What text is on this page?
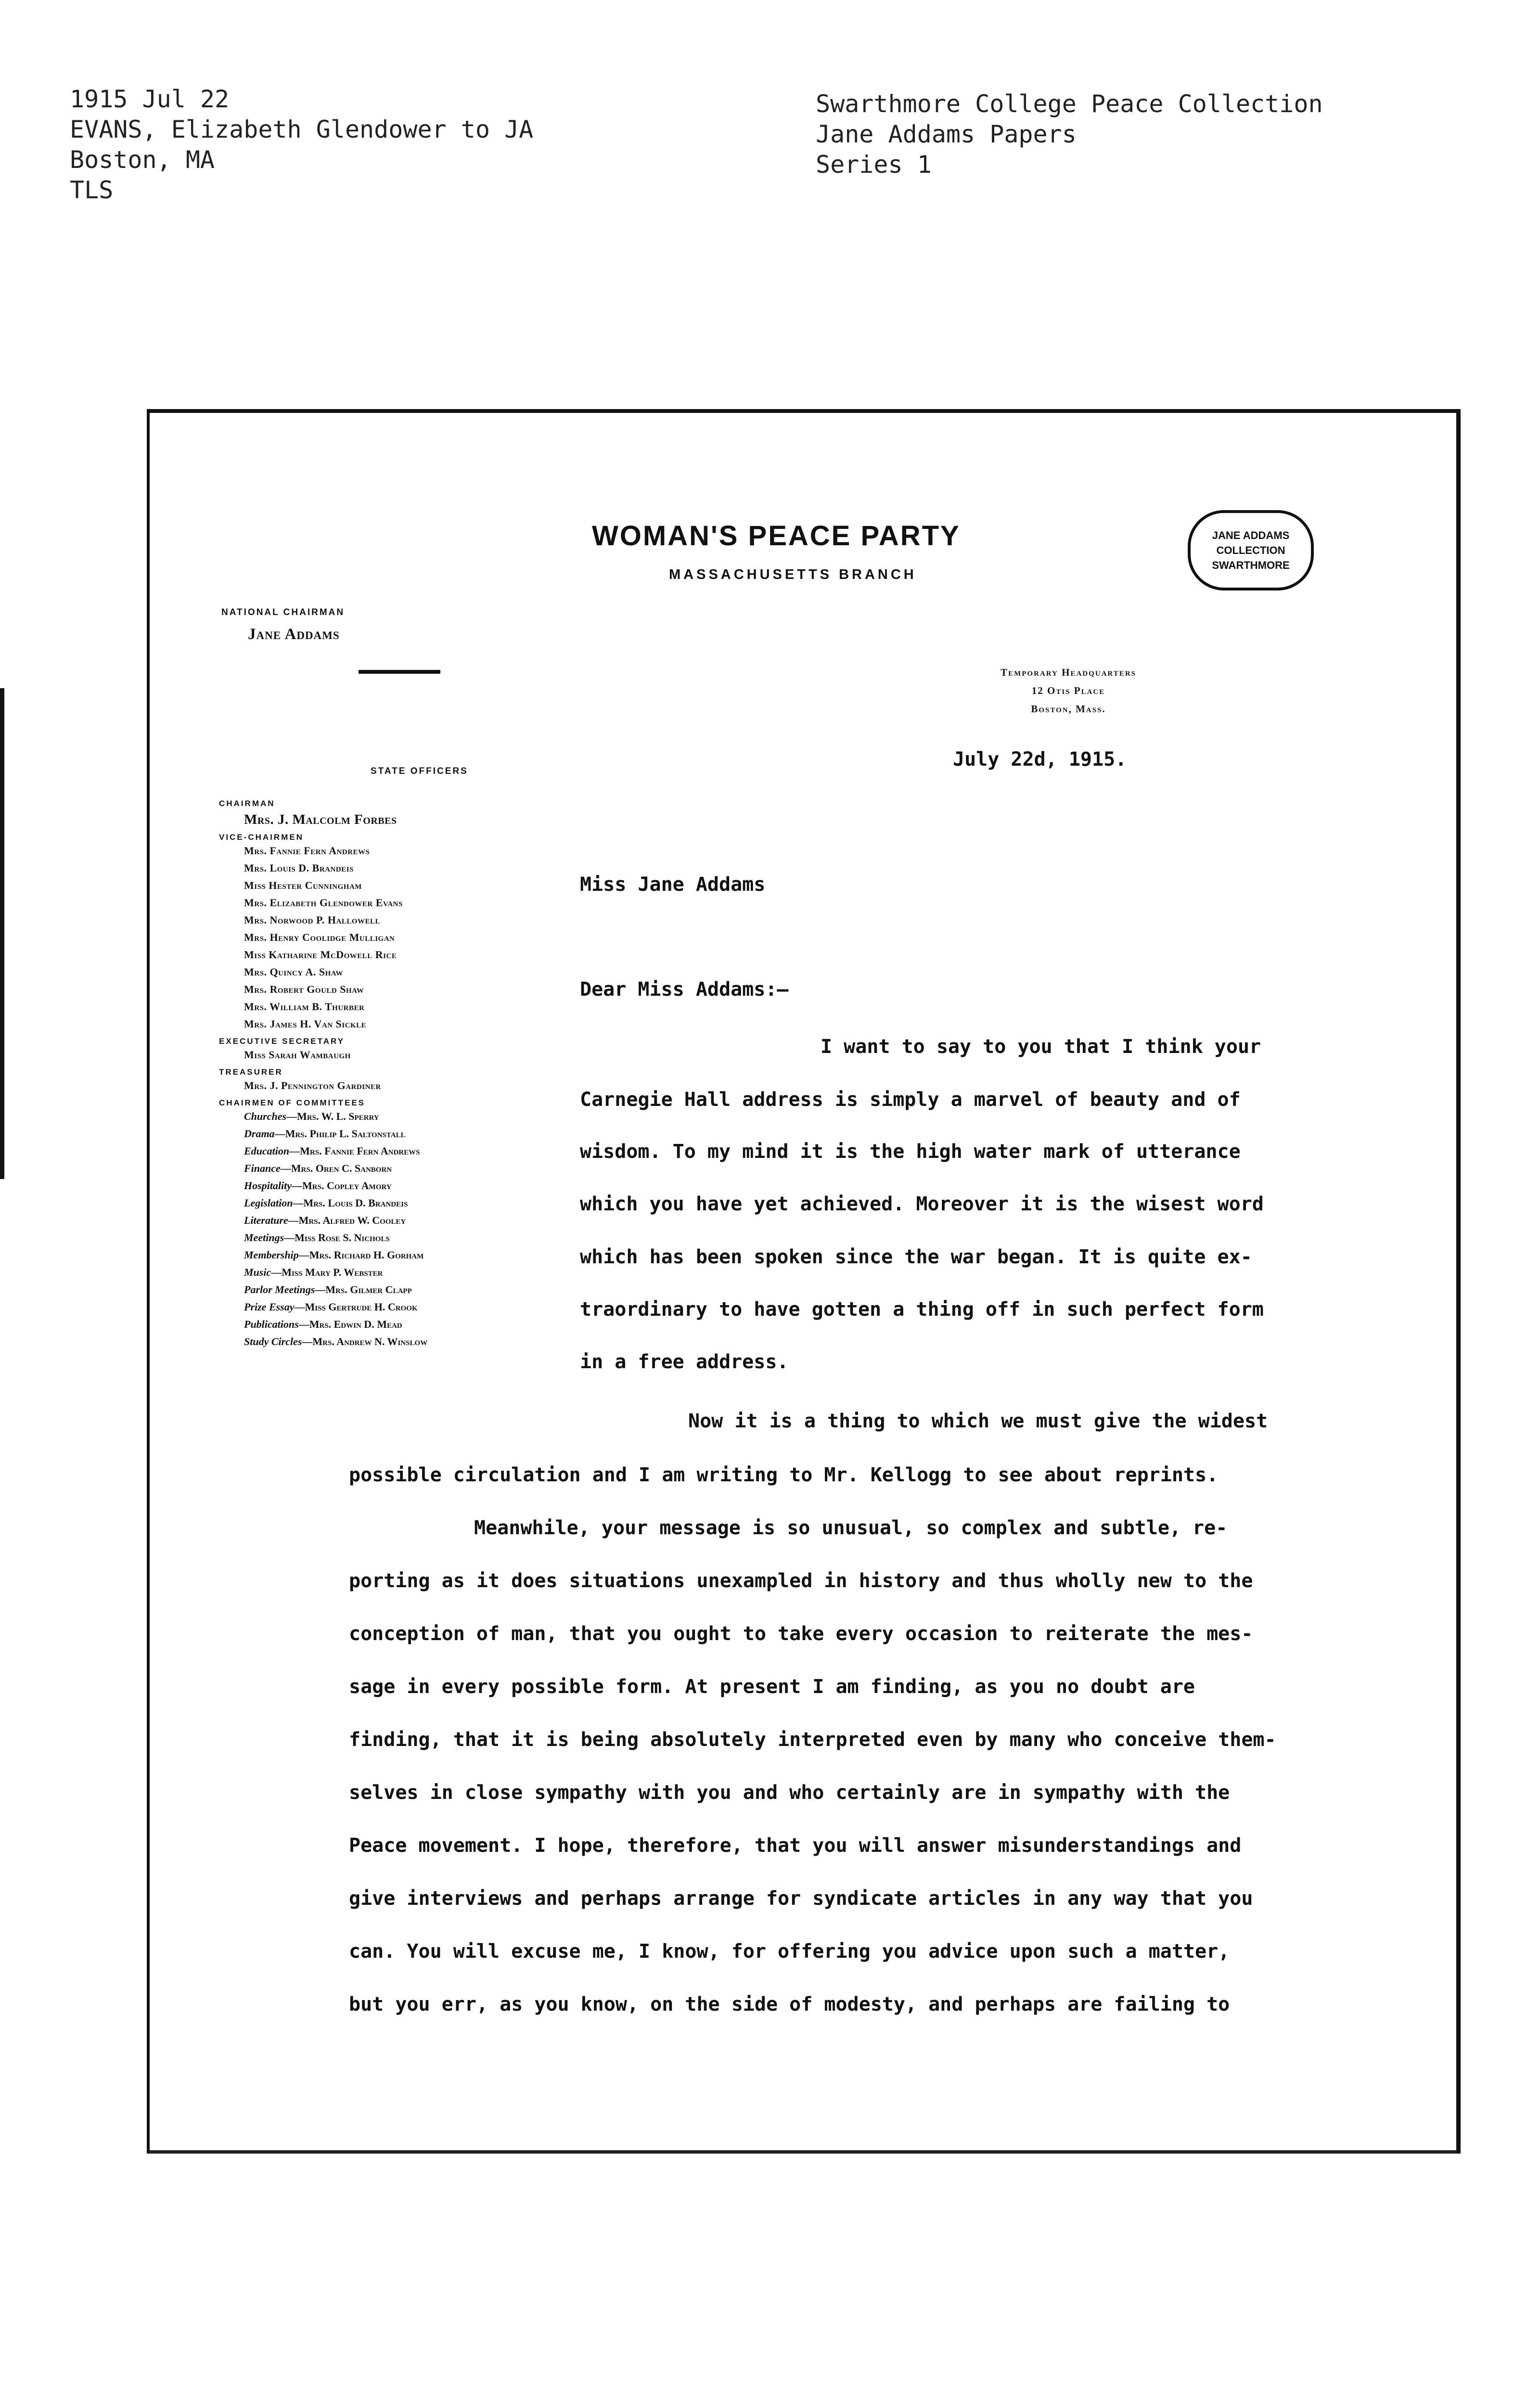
1915 Jul 22
EVANS, Elizabeth Glendower to JA
Boston, MA
TLS
Swarthmore College Peace Collection
Jane Addams Papers
Series 1
WOMAN'S PEACE PARTY
MASSACHUSETTS BRANCH
JANE ADDAMS
COLLECTION
SWARTHMORE
NATIONAL CHAIRMAN
Jane Addams
Temporary Headquarters
12 Otis Place
Boston, Mass.
STATE OFFICERS
CHAIRMAN
Mrs. J. Malcolm Forbes
VICE-CHAIRMEN
Mrs. Fannie Fern Andrews
Mrs. Louis D. Brandeis
Miss Hester Cunningham
Mrs. Elizabeth Glendower Evans
Mrs. Norwood P. Hallowell
Mrs. Henry Coolidge Mulligan
Miss Katharine McDowell Rice
Mrs. Quincy A. Shaw
Mrs. Robert Gould Shaw
Mrs. William B. Thurber
Mrs. James H. Van Sickle
EXECUTIVE SECRETARY
Miss Sarah Wambaugh
TREASURER
Mrs. J. Pennington Gardiner
CHAIRMEN OF COMMITTEES
Churches—Mrs. W. L. Sperry
Drama—Mrs. Philip L. Saltonstall
Education—Mrs. Fannie Fern Andrews
Finance—Mrs. Oren C. Sanborn
Hospitality—Mrs. Copley Amory
Legislation—Mrs. Louis D. Brandeis
Literature—Mrs. Alfred W. Cooley
Meetings—Miss Rose S. Nichols
Membership—Mrs. Richard H. Gorham
Music—Miss Mary P. Webster
Parlor Meetings—Mrs. Gilmer Clapp
Prize Essay—Miss Gertrude H. Crook
Publications—Mrs. Edwin D. Mead
Study Circles—Mrs. Andrew N. Winslow
July 22d, 1915.
Miss Jane Addams
Dear Miss Addams:—
I want to say to you that I think your
Carnegie Hall address is simply a marvel of beauty and of
wisdom. To my mind it is the high water mark of utterance
which you have yet achieved. Moreover it is the wisest word
which has been spoken since the war began. It is quite ex-
traordinary to have gotten a thing off in such perfect form
in a free address.
Now it is a thing to which we must give the widest
possible circulation and I am writing to Mr. Kellogg to see about reprints.
Meanwhile, your message is so unusual, so complex and subtle, re-
porting as it does situations unexampled in history and thus wholly new to the
conception of man, that you ought to take every occasion to reiterate the mes-
sage in every possible form. At present I am finding, as you no doubt are
finding, that it is being absolutely interpreted even by many who conceive them-
selves in close sympathy with you and who certainly are in sympathy with the
Peace movement. I hope, therefore, that you will answer misunderstandings and
give interviews and perhaps arrange for syndicate articles in any way that you
can. You will excuse me, I know, for offering you advice upon such a matter,
but you err, as you know, on the side of modesty, and perhaps are failing to
